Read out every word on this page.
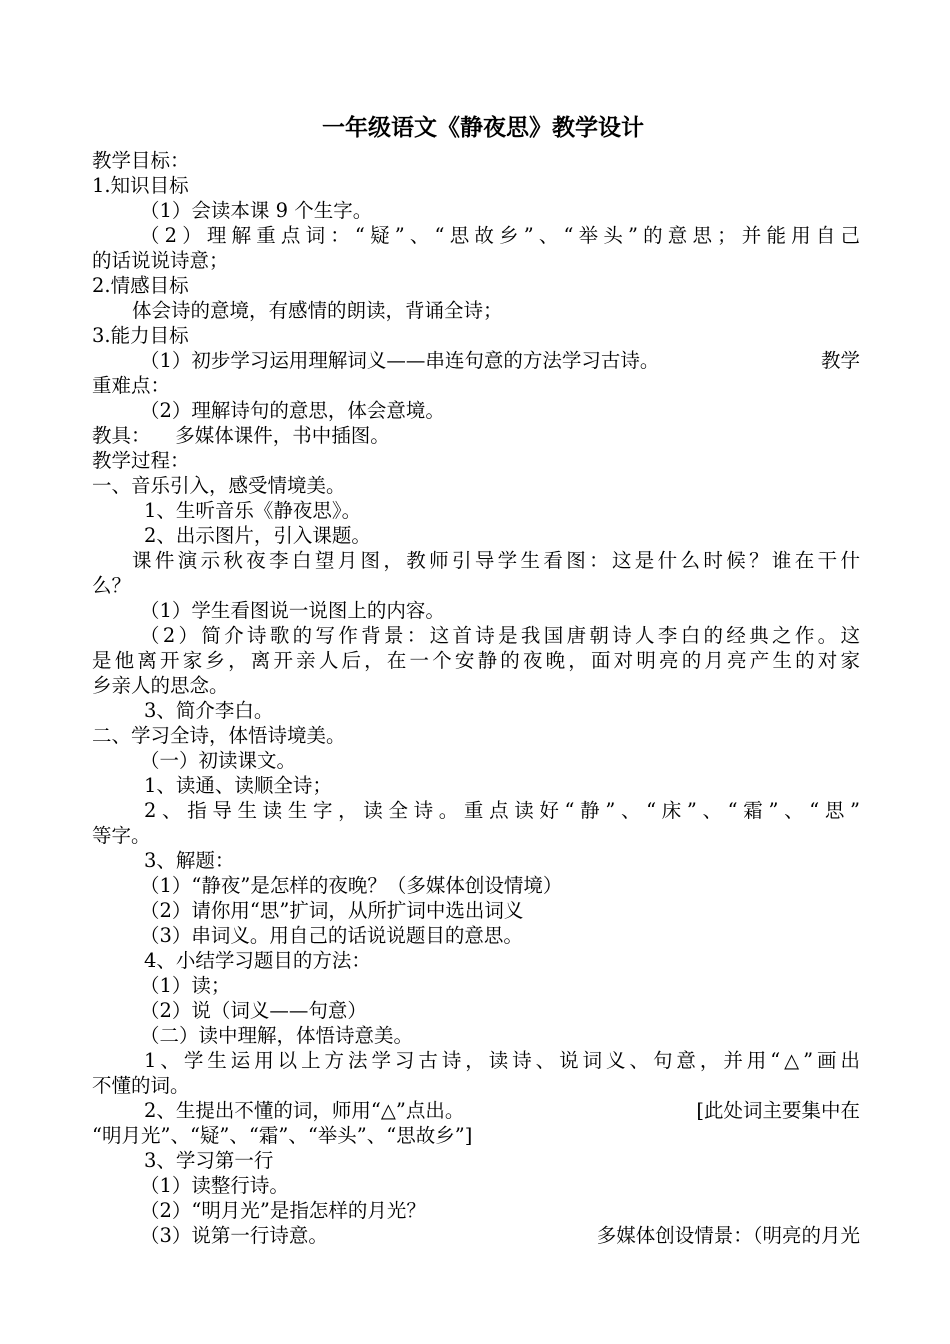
一年级语文《静夜思》教学设计
教学目标：
1.知识目标
（1）会读本课 9 个生字。
（2）理解重点词：“疑”、“思故乡”、“举头”的意思；并能用自己
的话说说诗意；
2.情感目标
体会诗的意境，有感情的朗读，背诵全诗；
3.能力目标
（1）初步学习运用理解词义——串连句意的方法学习古诗。	教学
重难点：
（2）理解诗句的意思，体会意境。
教具：    多媒体课件，书中插图。
教学过程：
一、音乐引入，感受情境美。
1、生听音乐《静夜思》。
2、出示图片，引入课题。
课件演示秋夜李白望月图，教师引导学生看图：这是什么时候？谁在干什
么？
（1）学生看图说一说图上的内容。
（2）简介诗歌的写作背景：这首诗是我国唐朝诗人李白的经典之作。这
是他离开家乡，离开亲人后，在一个安静的夜晚，面对明亮的月亮产生的对家
乡亲人的思念。
3、简介李白。
二、学习全诗，体悟诗境美。
（一）初读课文。
1、读通、读顺全诗；
2、指导生读生字，读全诗。重点读好“静”、“床”、“霜”、“思”
等字。
3、解题：
（1）“静夜”是怎样的夜晚？（多媒体创设情境）
（2）请你用“思”扩词，从所扩词中选出词义
（3）串词义。用自己的话说说题目的意思。
4、小结学习题目的方法：
（1）读；
（2）说（词义——句意）
（二）读中理解，体悟诗意美。
1、学生运用以上方法学习古诗，读诗、说词义、句意，并用“△”画出
不懂的词。
2、生提出不懂的词，师用“△”点出。	[此处词主要集中在
“明月光”、“疑”、“霜”、“举头”、“思故乡”]
3、学习第一行
（1）读整行诗。
（2）“明月光”是指怎样的月光？
（3）说第一行诗意。	多媒体创设情景：（明亮的月光
